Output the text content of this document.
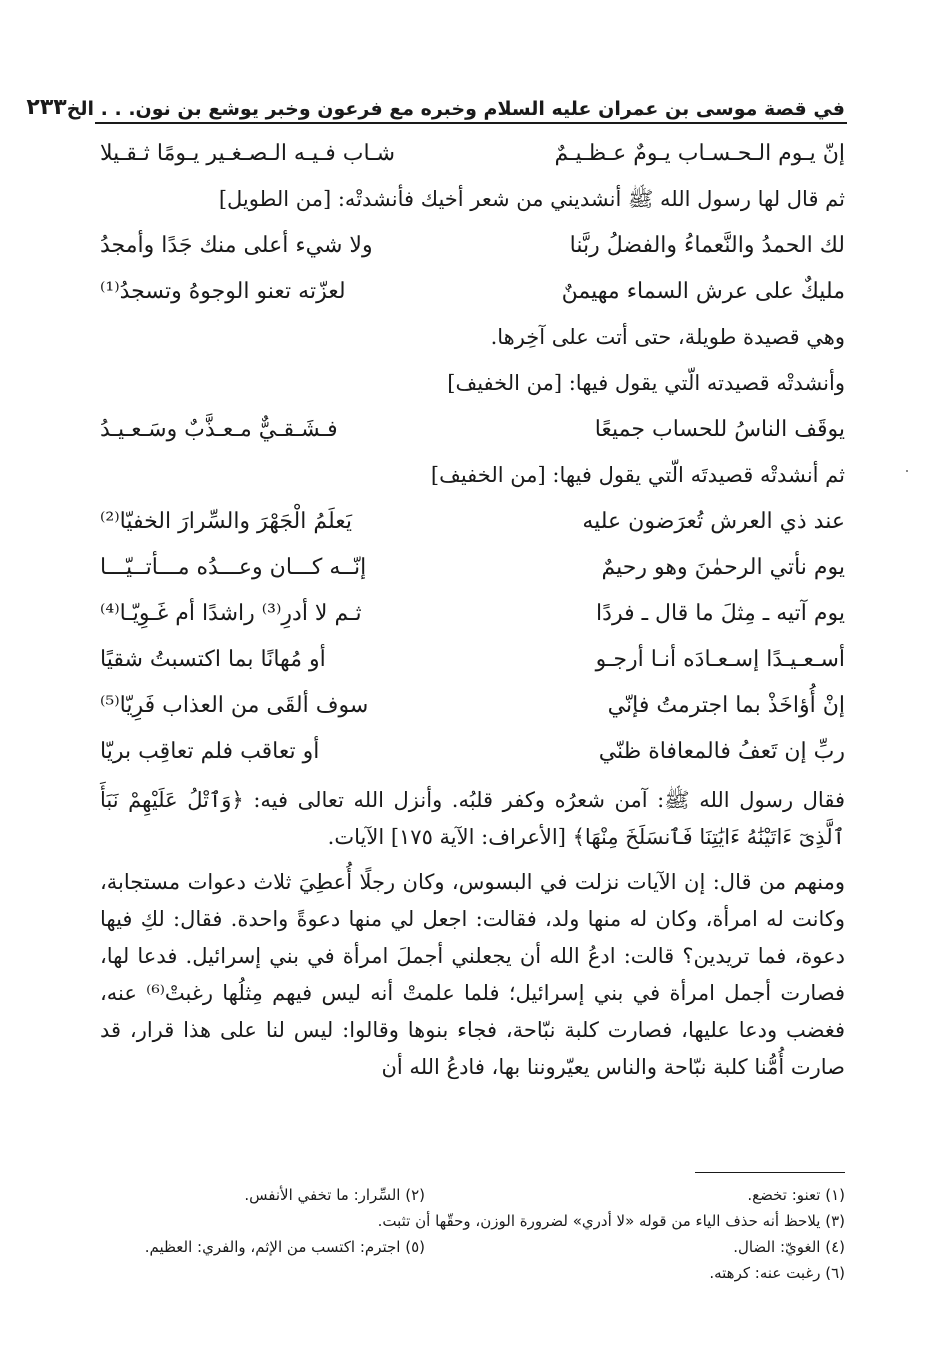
في قصة موسى بن عمران عليه السلام وخبره مع فرعون وخبر يوشع بن نون. . . الخ
٢٣٣
إنّ يـوم الـحـسـاب يـومٌ عـظـيـمٌ
شـاب فـيـه الـصـغـير يـومًا ثـقـيلا
ثم قال لها رسول الله ﷺ أنشديني من شعر أخيك فأنشدتْه: [من الطويل]
لك الحمدُ والنَّعماءُ والفضلُ ربَّنا
ولا شيء أعلى منك جَدًا وأمجدُ
مليكٌ على عرش السماء مهيمنٌ
لعزّته تعنو الوجوهُ وتسجدُ⁽¹⁾
وهي قصيدة طويلة، حتى أتت على آخِرها.
وأنشدتْه قصيدته الّتي يقول فيها: [من الخفيف]
يوقَف الناسُ للحساب جميعًا
فـشَـقـيٌّ مـعـذَّبٌ وسَـعـيـدُ
ثم أنشدتْه قصيدتَه الّتي يقول فيها: [من الخفيف]
عند ذي العرش تُعرَضون عليه
يَعلَمُ الْجَهْرَ والسِّرارَ الخفيّا⁽²⁾
يوم نأتي الرحمٰنَ وهو رحيمٌ
إنّــه كـــان وعـــدُه مـــأتــيّـــا
يوم آتيه ـ مِثلَ ما قال ـ فردًا
ثـم لا أدرِ⁽³⁾ راشدًا أم غَـوِيّـا⁽⁴⁾
أسـعـيـدًا إسـعـادَه أنـا أرجـو
أو مُهانًا بما اكتسبتُ شقيًا
إنْ أُؤاخَذْ بما اجترمتُ فإنّي
سوف ألقَى من العذاب فَرِيّا⁽⁵⁾
ربِّ إن تَعفُ فالمعافاة ظنّي
أو تعاقب فلم تعاقِب بريّا

فقال رسول الله ﷺ: آمن شعرُه وكفر قلبُه. وأنزل الله تعالى فيه: ﴿وَٱتْلُ عَلَيْهِمْ نَبَأَ ٱلَّذِىٓ ءَاتَيْنَٰهُ ءَايَٰتِنَا فَٱنسَلَخَ مِنْهَا﴾ [الأعراف: الآية ١٧٥] الآيات.

ومنهم من قال: إن الآيات نزلت في البسوس، وكان رجلًا أُعطِيَ ثلاث دعوات مستجابة، وكانت له امرأة، وكان له منها ولد، فقالت: اجعل لي منها دعوةً واحدة. فقال: لكِ فيها دعوة، فما تريدين؟ قالت: ادعُ الله أن يجعلني أجملَ امرأة في بني إسرائيل. فدعا لها، فصارت أجمل امرأة في بني إسرائيل؛ فلما علمتْ أنه ليس فيهم مِثلُها رغبتْ⁽⁶⁾ عنه، فغضب ودعا عليها، فصارت كلبة نبّاحة، فجاء بنوها وقالوا: ليس لنا على هذا قرار، قد صارت أُمُّنا كلبة نبّاحة والناس يعيّروننا بها، فادعُ الله أن

(١) تعنو: تخضع.
(٢) السِّرار: ما تخفي الأنفس.
(٣) يلاحظ أنه حذف الياء من قوله «لا أدري» لضرورة الوزن، وحقّها أن تثبت.
(٤) الغويّ: الضال.
(٥) اجترم: اكتسب من الإثم، والفري: العظيم.
(٦) رغبت عنه: كرهته.
